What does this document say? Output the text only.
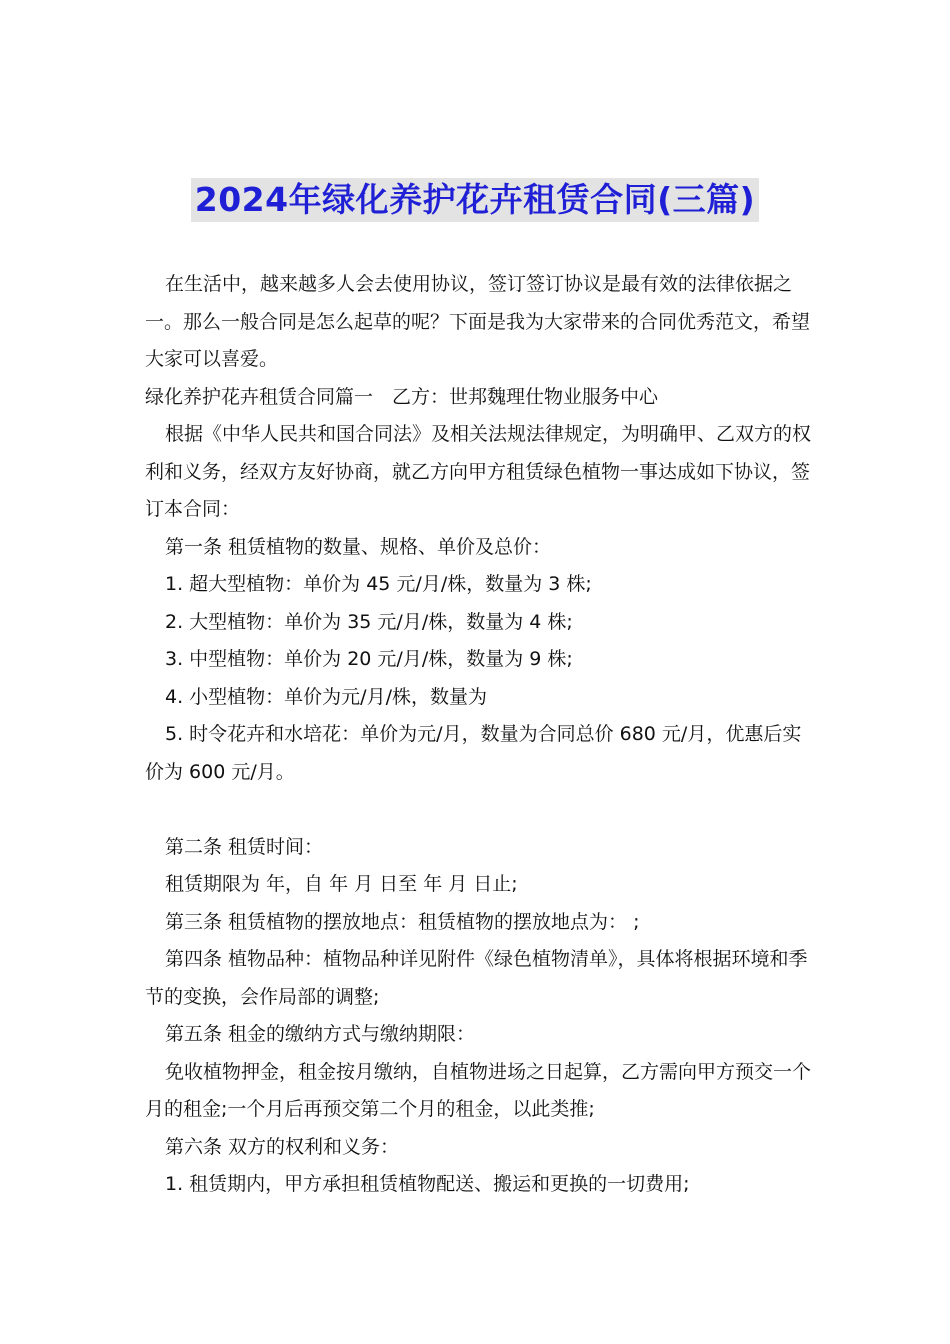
2024年绿化养护花卉租赁合同(三篇)

在生活中，越来越多人会去使用协议，签订签订协议是最有效的法律依据之一。那么一般合同是怎么起草的呢？下面是我为大家带来的合同优秀范文，希望大家可以喜爱。

绿化养护花卉租赁合同篇一　乙方：世邦魏理仕物业服务中心

根据《中华人民共和国合同法》及相关法规法律规定，为明确甲、乙双方的权利和义务，经双方友好协商，就乙方向甲方租赁绿色植物一事达成如下协议，签订本合同：

第一条 租赁植物的数量、规格、单价及总价：

1. 超大型植物：单价为 45 元/月/株，数量为 3 株;

2. 大型植物：单价为 35 元/月/株，数量为 4 株;

3. 中型植物：单价为 20 元/月/株，数量为 9 株;

4. 小型植物：单价为元/月/株，数量为

5. 时令花卉和水培花：单价为元/月，数量为合同总价 680 元/月，优惠后实价为 600 元/月。

第二条 租赁时间：

租赁期限为 年，自 年 月 日至 年 月 日止;

第三条 租赁植物的摆放地点：租赁植物的摆放地点为： ;

第四条 植物品种：植物品种详见附件《绿色植物清单》，具体将根据环境和季节的变换，会作局部的调整;

第五条 租金的缴纳方式与缴纳期限：

免收植物押金，租金按月缴纳，自植物进场之日起算，乙方需向甲方预交一个月的租金;一个月后再预交第二个月的租金，以此类推;

第六条 双方的权利和义务：

1. 租赁期内，甲方承担租赁植物配送、搬运和更换的一切费用;
